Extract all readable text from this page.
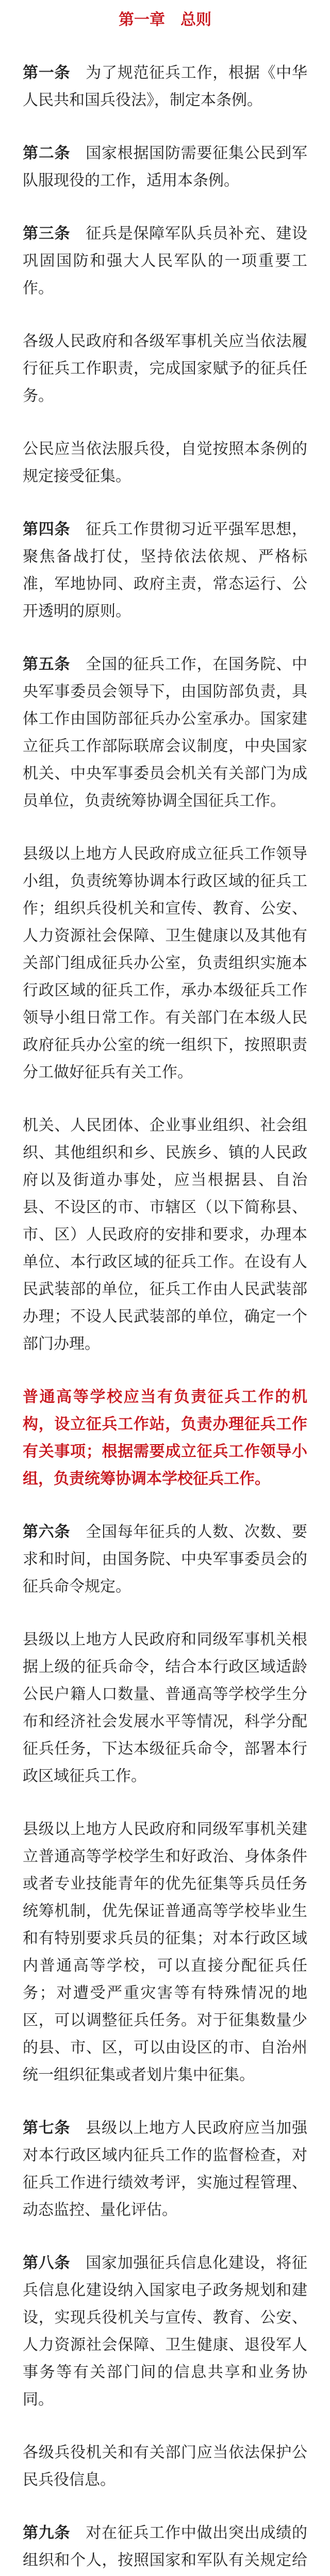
第一章　总则

第一条 为了规范征兵工作，根据《中华人民共和国兵役法》，制定本条例。

第二条 国家根据国防需要征集公民到军队服现役的工作，适用本条例。

第三条 征兵是保障军队兵员补充、建设巩固国防和强大人民军队的一项重要工作。

各级人民政府和各级军事机关应当依法履行征兵工作职责，完成国家赋予的征兵任务。

公民应当依法服兵役，自觉按照本条例的规定接受征集。

第四条 征兵工作贯彻习近平强军思想，聚焦备战打仗，坚持依法依规、严格标准，军地协同、政府主责，常态运行、公开透明的原则。

第五条 全国的征兵工作，在国务院、中央军事委员会领导下，由国防部负责，具体工作由国防部征兵办公室承办。国家建立征兵工作部际联席会议制度，中央国家机关、中央军事委员会机关有关部门为成员单位，负责统筹协调全国征兵工作。

县级以上地方人民政府成立征兵工作领导小组，负责统筹协调本行政区域的征兵工作；组织兵役机关和宣传、教育、公安、人力资源社会保障、卫生健康以及其他有关部门组成征兵办公室，负责组织实施本行政区域的征兵工作，承办本级征兵工作领导小组日常工作。有关部门在本级人民政府征兵办公室的统一组织下，按照职责分工做好征兵有关工作。

机关、人民团体、企业事业组织、社会组织、其他组织和乡、民族乡、镇的人民政府以及街道办事处，应当根据县、自治县、不设区的市、市辖区（以下简称县、市、区）人民政府的安排和要求，办理本单位、本行政区域的征兵工作。在设有人民武装部的单位，征兵工作由人民武装部办理；不设人民武装部的单位，确定一个部门办理。

普通高等学校应当有负责征兵工作的机构，设立征兵工作站，负责办理征兵工作有关事项；根据需要成立征兵工作领导小组，负责统筹协调本学校征兵工作。

第六条 全国每年征兵的人数、次数、要求和时间，由国务院、中央军事委员会的征兵命令规定。

县级以上地方人民政府和同级军事机关根据上级的征兵命令，结合本行政区域适龄公民户籍人口数量、普通高等学校学生分布和经济社会发展水平等情况，科学分配征兵任务，下达本级征兵命令，部署本行政区域征兵工作。

县级以上地方人民政府和同级军事机关建立普通高等学校学生和好政治、身体条件或者专业技能青年的优先征集等兵员任务统筹机制，优先保证普通高等学校毕业生和有特别要求兵员的征集；对本行政区域内普通高等学校，可以直接分配征兵任务；对遭受严重灾害等有特殊情况的地区，可以调整征兵任务。对于征集数量少的县、市、区，可以由设区的市、自治州统一组织征集或者划片集中征集。

第七条 县级以上地方人民政府应当加强对本行政区域内征兵工作的监督检查，对征兵工作进行绩效考评，实施过程管理、动态监控、量化评估。

第八条 国家加强征兵信息化建设，将征兵信息化建设纳入国家电子政务规划和建设，实现兵役机关与宣传、教育、公安、人力资源社会保障、卫生健康、退役军人事务等有关部门间的信息共享和业务协同。

各级兵役机关和有关部门应当依法保护公民兵役信息。

第九条 对在征兵工作中做出突出成绩的组织和个人，按照国家和军队有关规定给
